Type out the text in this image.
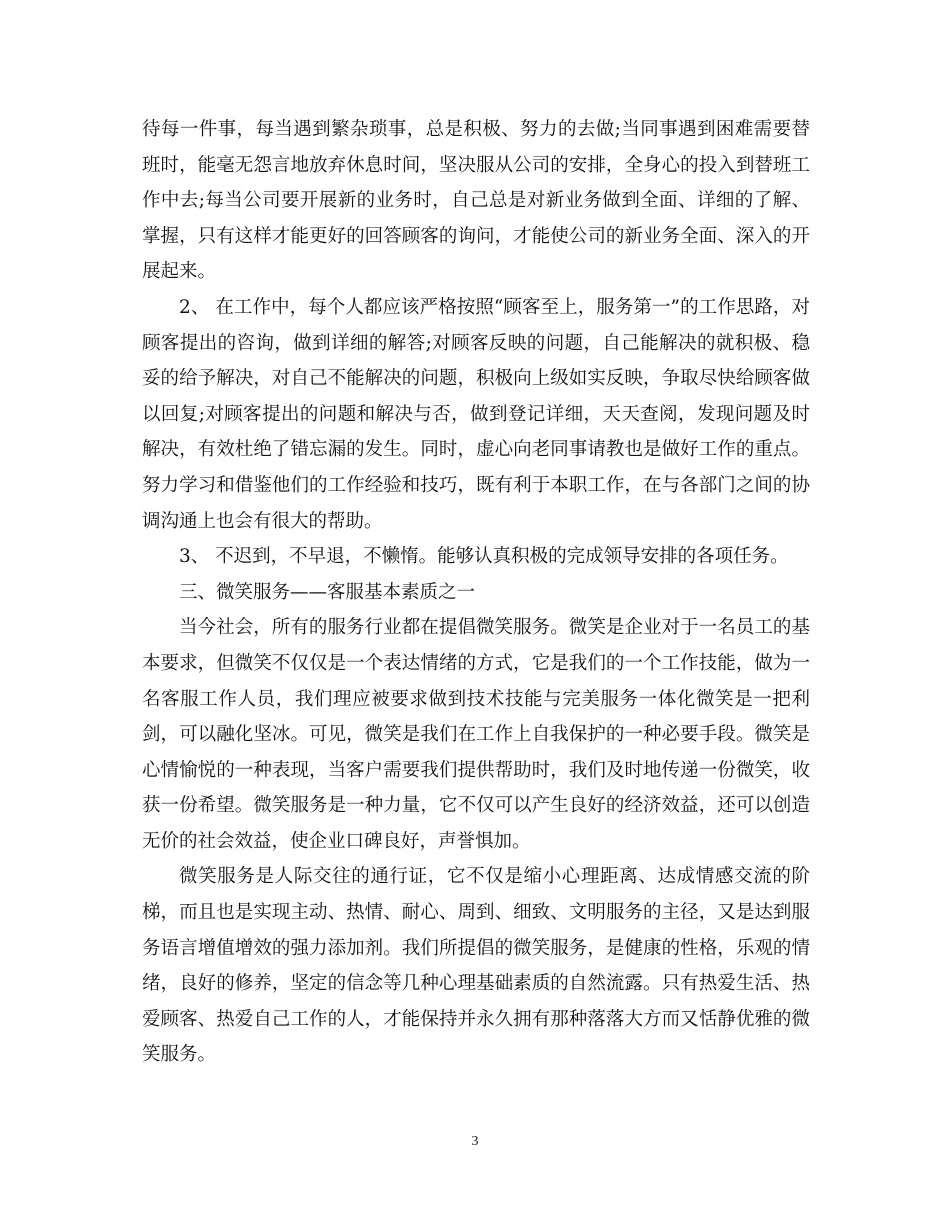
待每一件事，每当遇到繁杂琐事，总是积极、努力的去做;当同事遇到困难需要替班时，能毫无怨言地放弃休息时间，坚决服从公司的安排，全身心的投入到替班工作中去;每当公司要开展新的业务时，自己总是对新业务做到全面、详细的了解、掌握，只有这样才能更好的回答顾客的询问，才能使公司的新业务全面、深入的开展起来。

2、 在工作中，每个人都应该严格按照“顾客至上，服务第一”的工作思路，对顾客提出的咨询，做到详细的解答;对顾客反映的问题，自己能解决的就积极、稳妥的给予解决，对自己不能解决的问题，积极向上级如实反映，争取尽快给顾客做以回复;对顾客提出的问题和解决与否，做到登记详细，天天查阅，发现问题及时解决，有效杜绝了错忘漏的发生。同时，虚心向老同事请教也是做好工作的重点。努力学习和借鉴他们的工作经验和技巧，既有利于本职工作，在与各部门之间的协调沟通上也会有很大的帮助。

3、 不迟到，不早退，不懒惰。能够认真积极的完成领导安排的各项任务。

三、微笑服务——客服基本素质之一

当今社会，所有的服务行业都在提倡微笑服务。微笑是企业对于一名员工的基本要求，但微笑不仅仅是一个表达情绪的方式，它是我们的一个工作技能，做为一名客服工作人员，我们理应被要求做到技术技能与完美服务一体化微笑是一把利剑，可以融化坚冰。可见，微笑是我们在工作上自我保护的一种必要手段。微笑是心情愉悦的一种表现，当客户需要我们提供帮助时，我们及时地传递一份微笑，收获一份希望。微笑服务是一种力量，它不仅可以产生良好的经济效益，还可以创造无价的社会效益，使企业口碑良好，声誉惧加。

微笑服务是人际交往的通行证，它不仅是缩小心理距离、达成情感交流的阶梯，而且也是实现主动、热情、耐心、周到、细致、文明服务的主径，又是达到服务语言增值增效的强力添加剂。我们所提倡的微笑服务，是健康的性格，乐观的情绪，良好的修养，坚定的信念等几种心理基础素质的自然流露。只有热爱生活、热爱顾客、热爱自己工作的人，才能保持并永久拥有那种落落大方而又恬静优雅的微笑服务。

3
